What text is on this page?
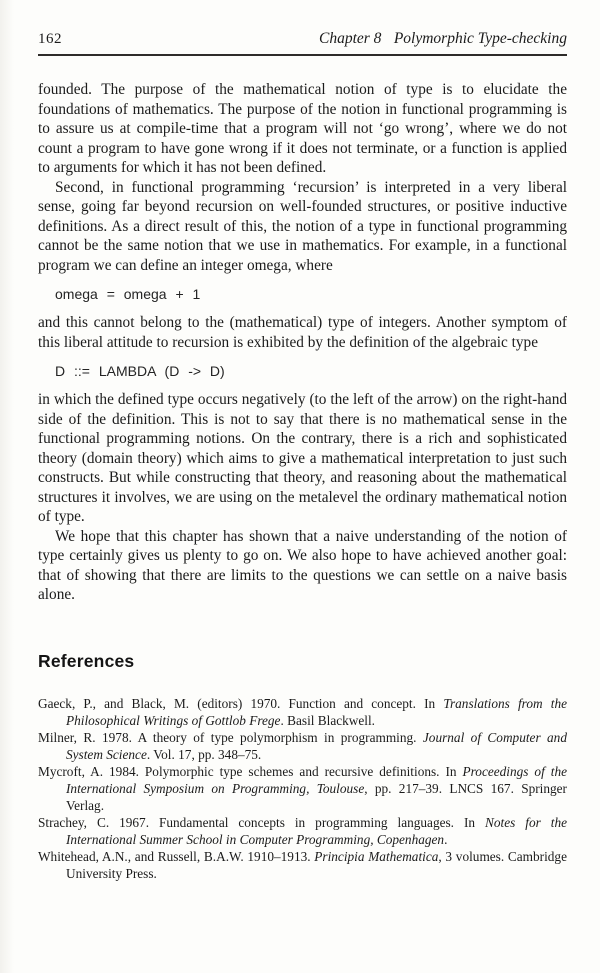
162	Chapter 8 Polymorphic Type-checking

founded. The purpose of the mathematical notion of type is to elucidate the foundations of mathematics. The purpose of the notion in functional programming is to assure us at compile-time that a program will not ‘go wrong’, where we do not count a program to have gone wrong if it does not terminate, or a function is applied to arguments for which it has not been defined.

Second, in functional programming ‘recursion’ is interpreted in a very liberal sense, going far beyond recursion on well-founded structures, or positive inductive definitions. As a direct result of this, the notion of a type in functional programming cannot be the same notion that we use in mathematics. For example, in a functional program we can define an integer omega, where

omega = omega + 1

and this cannot belong to the (mathematical) type of integers. Another symptom of this liberal attitude to recursion is exhibited by the definition of the algebraic type

D ::= LAMBDA (D -> D)

in which the defined type occurs negatively (to the left of the arrow) on the right-hand side of the definition. This is not to say that there is no mathematical sense in the functional programming notions. On the contrary, there is a rich and sophisticated theory (domain theory) which aims to give a mathematical interpretation to just such constructs. But while constructing that theory, and reasoning about the mathematical structures it involves, we are using on the metalevel the ordinary mathematical notion of type.

We hope that this chapter has shown that a naive understanding of the notion of type certainly gives us plenty to go on. We also hope to have achieved another goal: that of showing that there are limits to the questions we can settle on a naive basis alone.

References

Gaeck, P., and Black, M. (editors) 1970. Function and concept. In Translations from the Philosophical Writings of Gottlob Frege. Basil Blackwell.

Milner, R. 1978. A theory of type polymorphism in programming. Journal of Computer and System Science. Vol. 17, pp. 348–75.

Mycroft, A. 1984. Polymorphic type schemes and recursive definitions. In Proceedings of the International Symposium on Programming, Toulouse, pp. 217–39. LNCS 167. Springer Verlag.

Strachey, C. 1967. Fundamental concepts in programming languages. In Notes for the International Summer School in Computer Programming, Copenhagen.

Whitehead, A.N., and Russell, B.A.W. 1910–1913. Principia Mathematica, 3 volumes. Cambridge University Press.
